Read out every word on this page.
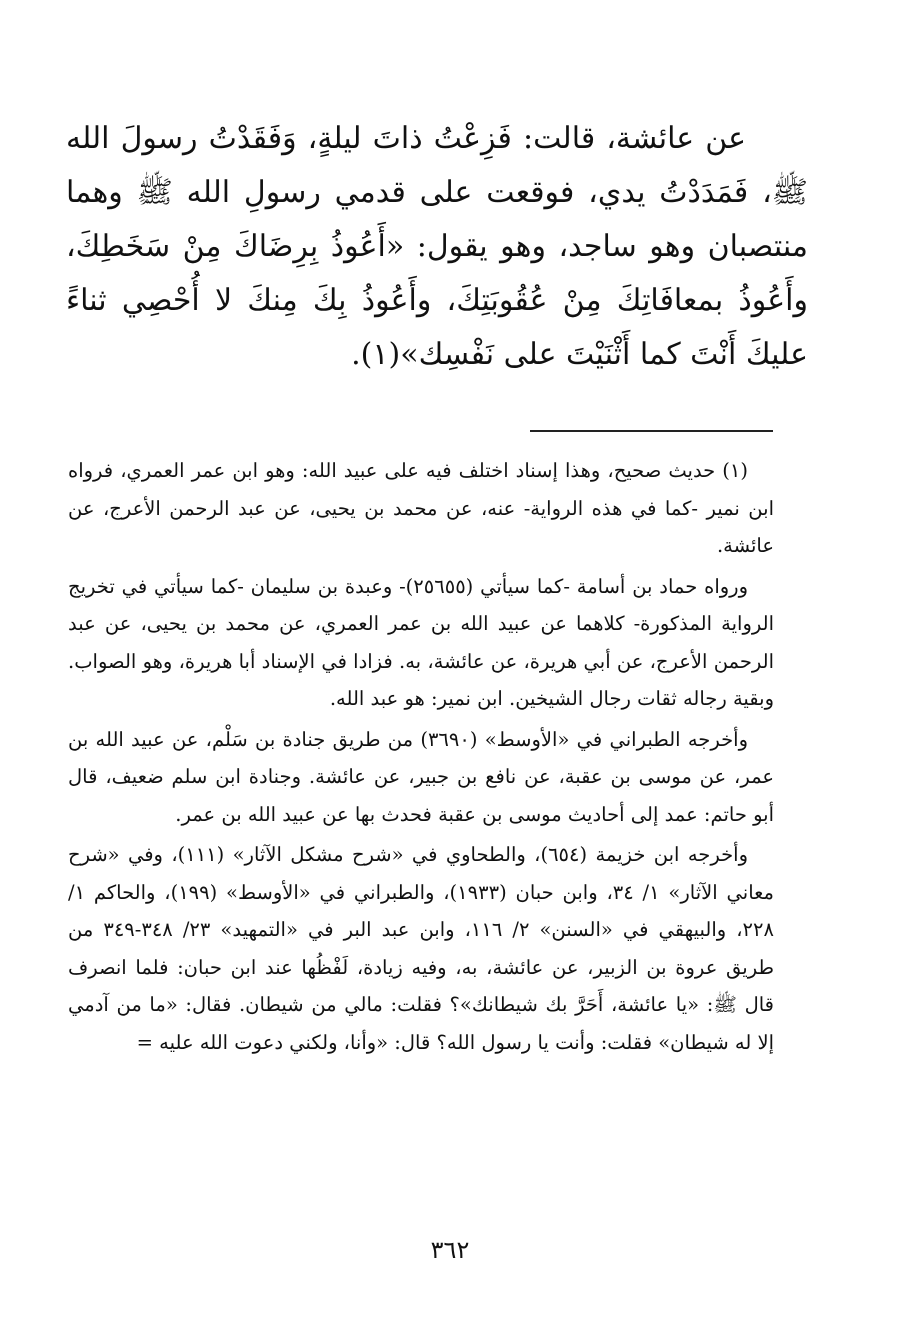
عن عائشة، قالت: فَزِعْتُ ذاتَ ليلةٍ، وَفَقَدْتُ رسولَ الله ﷺ، فَمَدَدْتُ يدي، فوقعت على قدمي رسولِ الله ﷺ وهما منتصبان وهو ساجد، وهو يقول: «أَعُوذُ بِرِضَاكَ مِنْ سَخَطِكَ، وأَعُوذُ بمعافَاتِكَ مِنْ عُقُوبَتِكَ، وأَعُوذُ بِكَ مِنكَ لا أُحْصِي ثناءً عليكَ أَنْتَ كما أَثْنَيْتَ على نَفْسِك»(١).

(١) حديث صحيح، وهذا إسناد اختلف فيه على عبيد الله: وهو ابن عمر العمري، فرواه ابن نمير -كما في هذه الرواية- عنه، عن محمد بن يحيى، عن عبد الرحمن الأعرج، عن عائشة.

ورواه حماد بن أسامة -كما سيأتي (٢٥٦٥٥)- وعبدة بن سليمان -كما سيأتي في تخريج الرواية المذكورة- كلاهما عن عبيد الله بن عمر العمري، عن محمد بن يحيى، عن عبد الرحمن الأعرج، عن أبي هريرة، عن عائشة، به. فزادا في الإسناد أبا هريرة، وهو الصواب. وبقية رجاله ثقات رجال الشيخين. ابن نمير: هو عبد الله.

وأخرجه الطبراني في «الأوسط» (٣٦٩٠) من طريق جنادة بن سَلْم، عن عبيد الله بن عمر، عن موسى بن عقبة، عن نافع بن جبير، عن عائشة. وجنادة ابن سلم ضعيف، قال أبو حاتم: عمد إلى أحاديث موسى بن عقبة فحدث بها عن عبيد الله بن عمر.

وأخرجه ابن خزيمة (٦٥٤)، والطحاوي في «شرح مشكل الآثار» (١١١)، وفي «شرح معاني الآثار» ١/ ٣٤، وابن حبان (١٩٣٣)، والطبراني في «الأوسط» (١٩٩)، والحاكم ١/ ٢٢٨، والبيهقي في «السنن» ٢/ ١١٦، وابن عبد البر في «التمهيد» ٢٣/ ٣٤٨-٣٤٩ من طريق عروة بن الزبير، عن عائشة، به، وفيه زيادة، لَفْظُها عند ابن حبان: فلما انصرف قال ﷺ: «يا عائشة، أَحَرَّ بك شيطانك»؟ فقلت: مالي من شيطان. فقال: «ما من آدمي إلا له شيطان» فقلت: وأنت يا رسول الله؟ قال: «وأنا، ولكني دعوت الله عليه =

٣٦٢
